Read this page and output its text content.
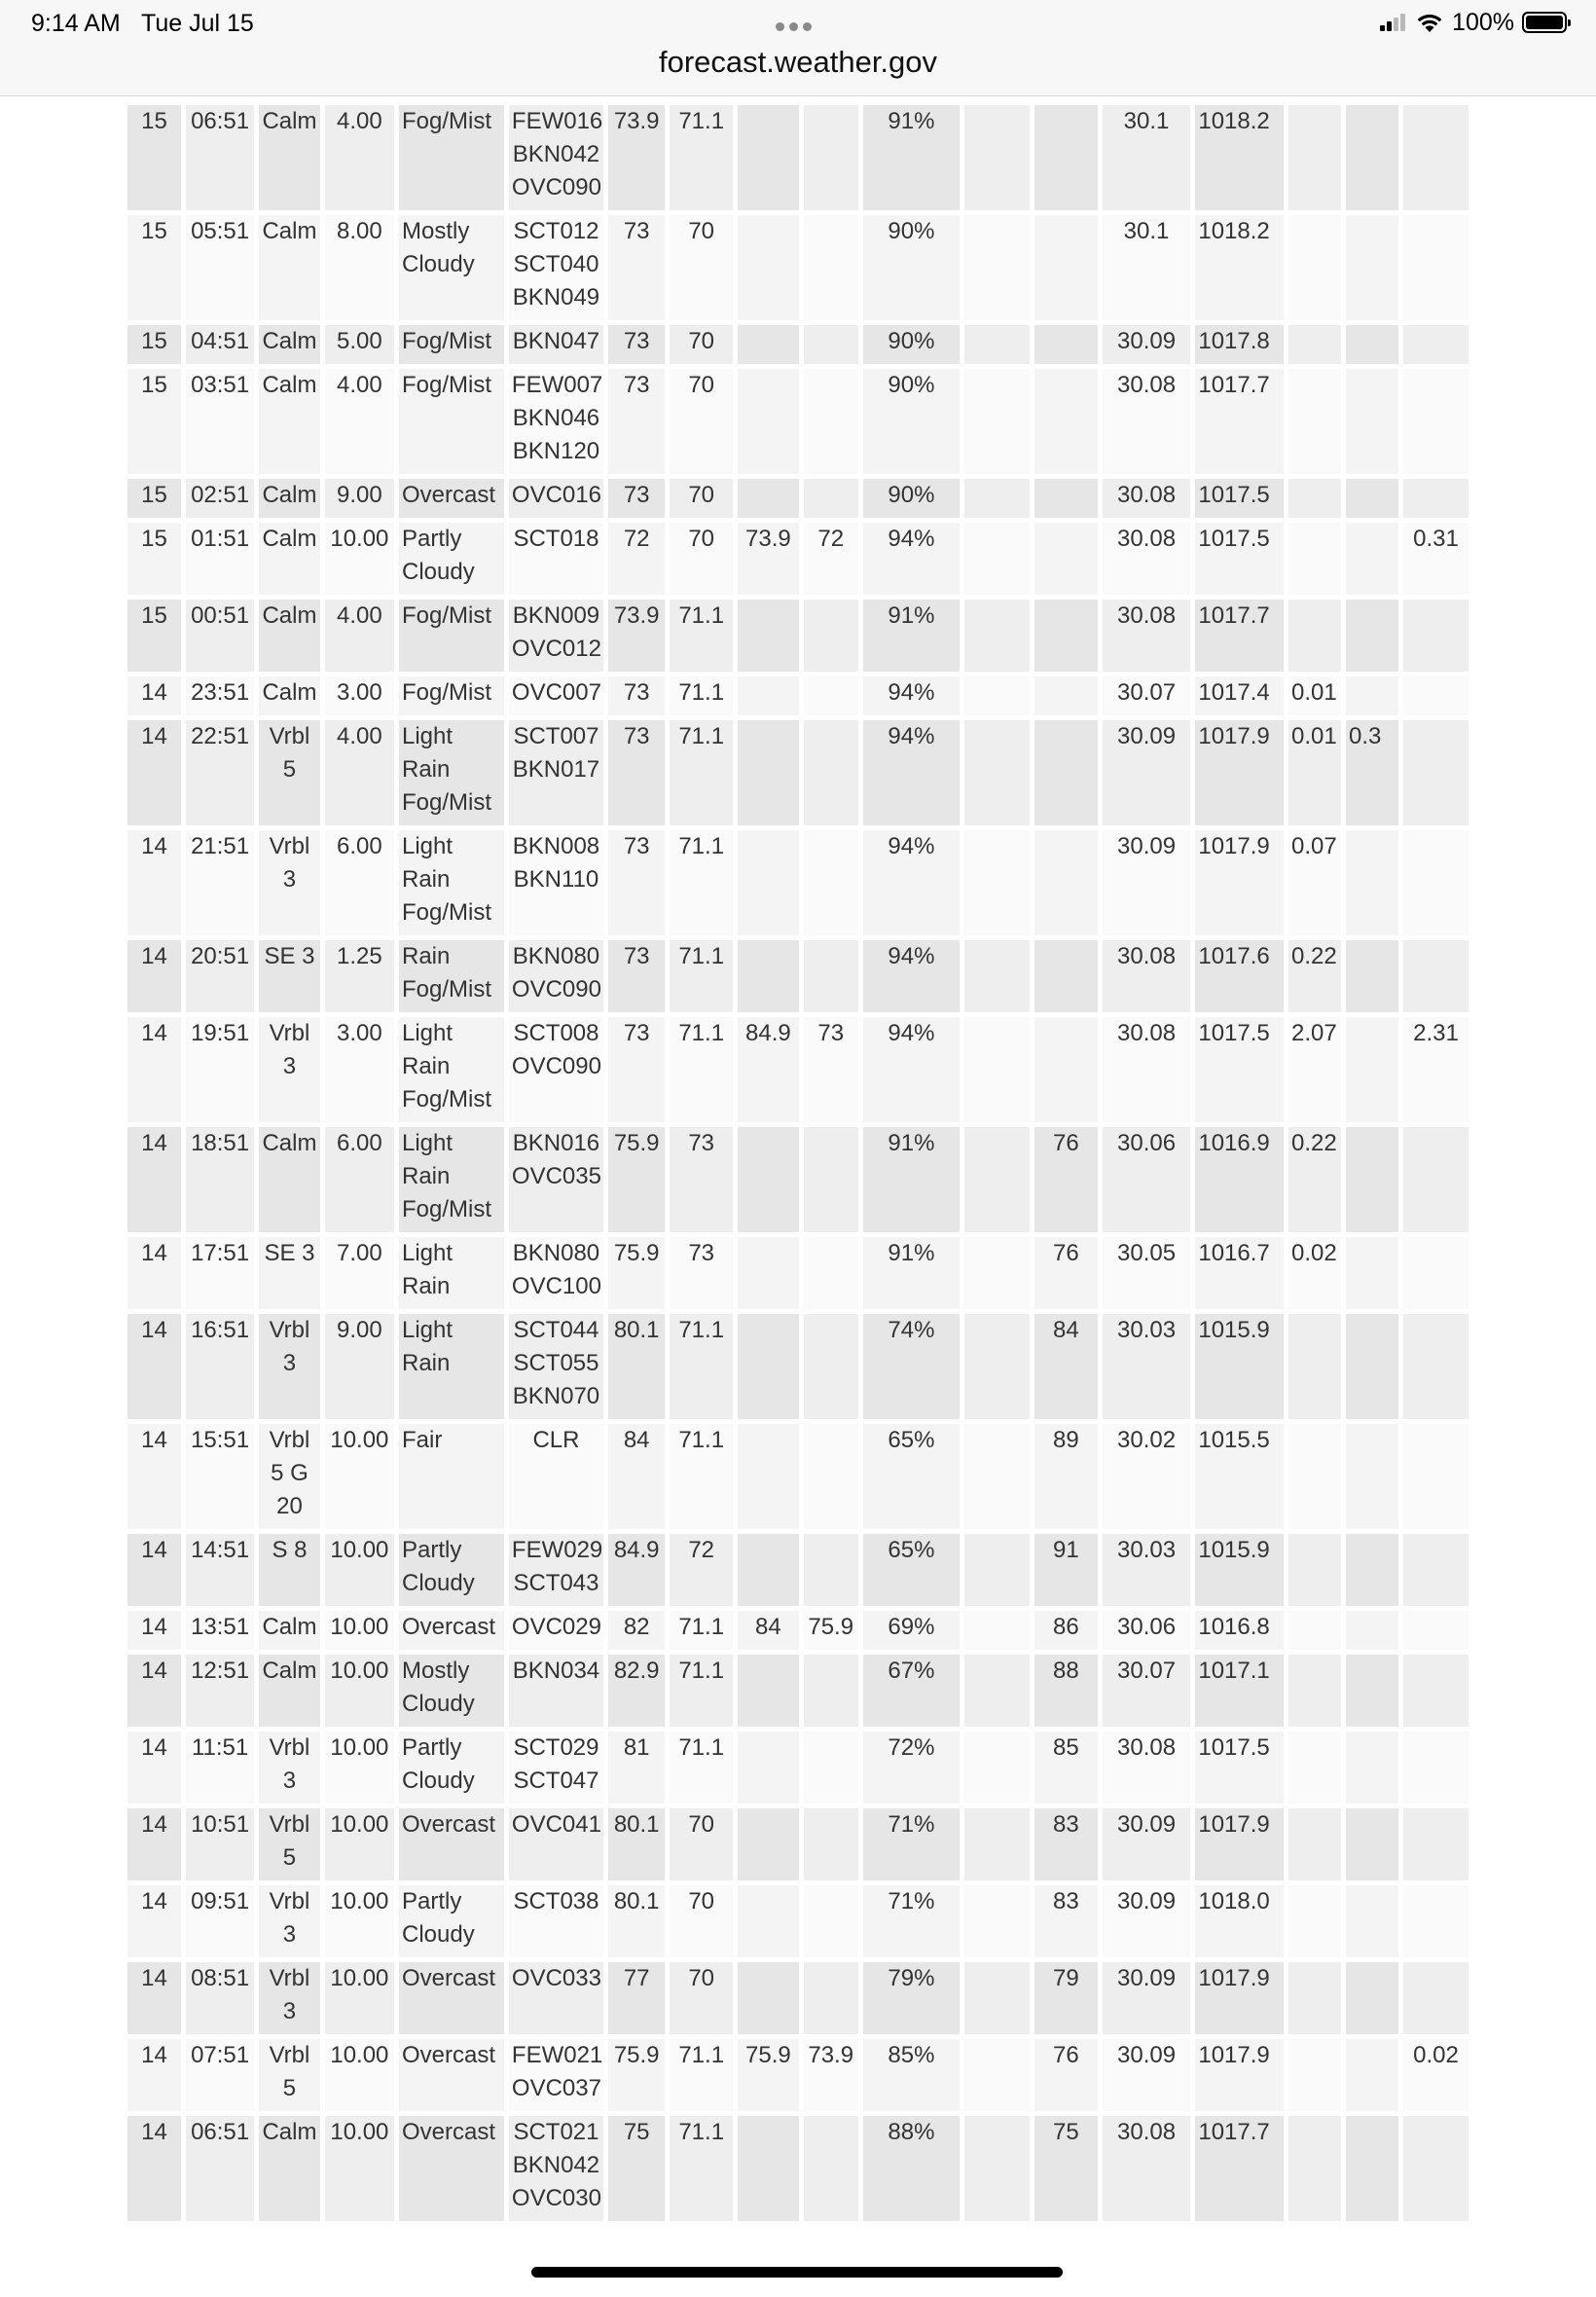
9:14 AM Tue Jul 15
forecast.weather.gov
100%
15	06:51	Calm	4.00	Fog/Mist	FEW016 BKN042 OVC090	73.9	71.1			91%			30.1	1018.2			
15	05:51	Calm	8.00	Mostly Cloudy	SCT012 SCT040 BKN049	73	70			90%			30.1	1018.2			
15	04:51	Calm	5.00	Fog/Mist	BKN047	73	70			90%			30.09	1017.8			
15	03:51	Calm	4.00	Fog/Mist	FEW007 BKN046 BKN120	73	70			90%			30.08	1017.7			
15	02:51	Calm	9.00	Overcast	OVC016	73	70			90%			30.08	1017.5			
15	01:51	Calm	10.00	Partly Cloudy	SCT018	72	70	73.9	72	94%			30.08	1017.5			0.31
15	00:51	Calm	4.00	Fog/Mist	BKN009 OVC012	73.9	71.1			91%			30.08	1017.7			
14	23:51	Calm	3.00	Fog/Mist	OVC007	73	71.1			94%			30.07	1017.4	0.01		
14	22:51	Vrbl 5	4.00	Light Rain Fog/Mist	SCT007 BKN017	73	71.1			94%			30.09	1017.9	0.01	0.3	
14	21:51	Vrbl 3	6.00	Light Rain Fog/Mist	BKN008 BKN110	73	71.1			94%			30.09	1017.9	0.07		
14	20:51	SE 3	1.25	Rain Fog/Mist	BKN080 OVC090	73	71.1			94%			30.08	1017.6	0.22		
14	19:51	Vrbl 3	3.00	Light Rain Fog/Mist	SCT008 OVC090	73	71.1	84.9	73	94%			30.08	1017.5	2.07		2.31
14	18:51	Calm	6.00	Light Rain Fog/Mist	BKN016 OVC035	75.9	73			91%		76	30.06	1016.9	0.22		
14	17:51	SE 3	7.00	Light Rain	BKN080 OVC100	75.9	73			91%		76	30.05	1016.7	0.02		
14	16:51	Vrbl 3	9.00	Light Rain	SCT044 SCT055 BKN070	80.1	71.1			74%		84	30.03	1015.9			
14	15:51	Vrbl 5 G 20	10.00	Fair	CLR	84	71.1			65%		89	30.02	1015.5			
14	14:51	S 8	10.00	Partly Cloudy	FEW029 SCT043	84.9	72			65%		91	30.03	1015.9			
14	13:51	Calm	10.00	Overcast	OVC029	82	71.1	84	75.9	69%		86	30.06	1016.8			
14	12:51	Calm	10.00	Mostly Cloudy	BKN034	82.9	71.1			67%		88	30.07	1017.1			
14	11:51	Vrbl 3	10.00	Partly Cloudy	SCT029 SCT047	81	71.1			72%		85	30.08	1017.5			
14	10:51	Vrbl 5	10.00	Overcast	OVC041	80.1	70			71%		83	30.09	1017.9			
14	09:51	Vrbl 3	10.00	Partly Cloudy	SCT038	80.1	70			71%		83	30.09	1018.0			
14	08:51	Vrbl 3	10.00	Overcast	OVC033	77	70			79%		79	30.09	1017.9			
14	07:51	Vrbl 5	10.00	Overcast	FEW021 OVC037	75.9	71.1	75.9	73.9	85%		76	30.09	1017.9			0.02
14	06:51	Calm	10.00	Overcast	SCT021 BKN042 OVC030	75	71.1			88%		75	30.08	1017.7			
